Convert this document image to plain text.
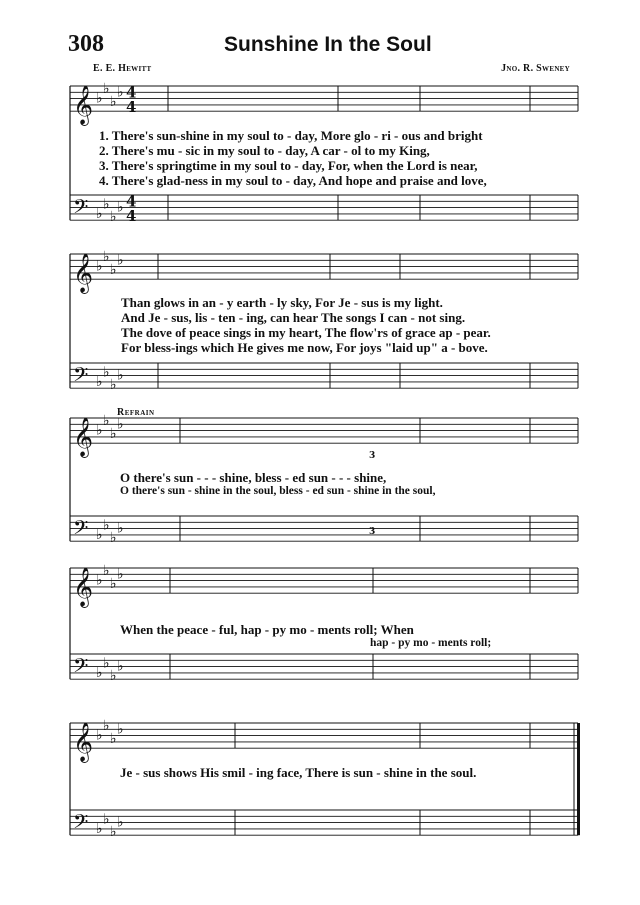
308	Sunshine In the Soul
E. E. Hewitt	Jno. R. Sweney
𝄞 ♭
♭
♭
♭ 4
4
𝄢 ♭
♭
♭
♭ 4
4
𝄞 ♭
♭
♭
♭
𝄢 ♭
♭
♭
♭
𝄞 ♭
♭
♭
♭
𝄢 ♭
♭
♭
♭
𝄞 ♭
♭
♭
♭
𝄢 ♭
♭
♭
♭
𝄞 ♭
♭
♭
♭
𝄢 ♭
♭
♭
♭
3
3
1. There's sun-shine in my soul to - day, More glo - ri - ous and bright
2. There's mu - sic in my soul to - day, A car - ol to my King,
3. There's springtime in my soul to - day, For, when the Lord is near,
4. There's glad-ness in my soul to - day, And hope and praise and love,
Than glows in an - y earth - ly sky, For Je - sus is my light.
And Je - sus, lis - ten - ing, can hear The songs I can - not sing.
The dove of peace sings in my heart, The flow'rs of grace ap - pear.
For bless-ings which He gives me now, For joys "laid up" a - bove.
Refrain
O there's sun - - - shine, bless - ed sun - - - shine,
O there's sun - shine in the soul, bless - ed sun - shine in the soul,
When the peace - ful, hap - py mo - ments roll; When
hap - py mo - ments roll;
Je - sus shows His smil - ing face, There is sun - shine in the soul.
